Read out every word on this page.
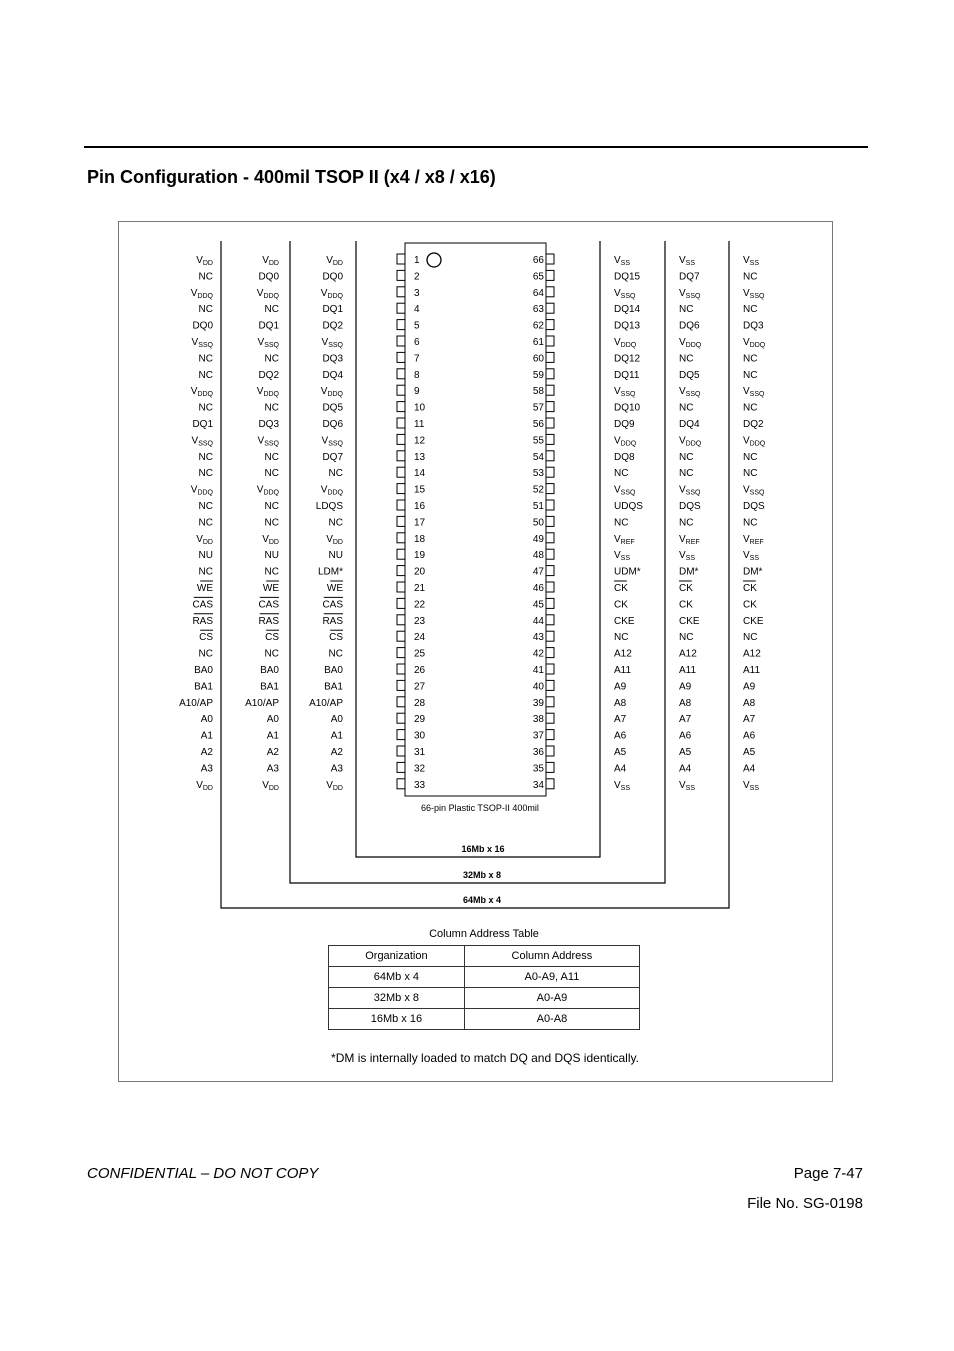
Pin Configuration - 400mil TSOP II (x4 / x8 / x16)
16Mb x 16
32Mb x 8
64Mb x 4
66-pin Plastic TSOP-II 400mil
1	66
$V_{DD}$	$V_{DD}$	$V_{DD}$	$V_{SS}$	$V_{SS}$	$V_{SS}$
2	65
NC	DQ0	DQ0	DQ15	DQ7	NC
3	64
$V_{DDQ}$	$V_{DDQ}$	$V_{DDQ}$	$V_{SSQ}$	$V_{SSQ}$	$V_{SSQ}$
4	63
NC	NC	DQ1	DQ14	NC	NC
5	62
DQ0	DQ1	DQ2	DQ13	DQ6	DQ3
6	61
$V_{SSQ}$	$V_{SSQ}$	$V_{SSQ}$	$V_{DDQ}$	$V_{DDQ}$	$V_{DDQ}$
7	60
NC	NC	DQ3	DQ12	NC	NC
8	59
NC	DQ2	DQ4	DQ11	DQ5	NC
9	58
$V_{DDQ}$	$V_{DDQ}$	$V_{DDQ}$	$V_{SSQ}$	$V_{SSQ}$	$V_{SSQ}$
10	57
NC	NC	DQ5	DQ10	NC	NC
11	56
DQ1	DQ3	DQ6	DQ9	DQ4	DQ2
12	55
$V_{SSQ}$	$V_{SSQ}$	$V_{SSQ}$	$V_{DDQ}$	$V_{DDQ}$	$V_{DDQ}$
13	54
NC	NC	DQ7	DQ8	NC	NC
14	53
NC	NC	NC	NC	NC	NC
15	52
$V_{DDQ}$	$V_{DDQ}$	$V_{DDQ}$	$V_{SSQ}$	$V_{SSQ}$	$V_{SSQ}$
16	51
NC	NC	LDQS	UDQS	DQS	DQS
17	50
NC	NC	NC	NC	NC	NC
18	49
$V_{DD}$	$V_{DD}$	$V_{DD}$	$V_{REF}$	$V_{REF}$	$V_{REF}$
19	48
NU	NU	NU	$V_{SS}$	$V_{SS}$	$V_{SS}$
20	47
NC	NC	LDM*	UDM*	DM*	DM*
21	46
WE	WE	WE	CK	CK	CK
22	45
CAS	CAS	CAS	CK	CK	CK
23	44
RAS	RAS	RAS	CKE	CKE	CKE
24	43
CS	CS	CS	NC	NC	NC
25	42
NC	NC	NC	A12	A12	A12
26	41
BA0	BA0	BA0	A11	A11	A11
27	40
BA1	BA1	BA1	A9	A9	A9
28	39
A10/AP	A10/AP	A10/AP	A8	A8	A8
29	38
A0	A0	A0	A7	A7	A7
30	37
A1	A1	A1	A6	A6	A6
31	36
A2	A2	A2	A5	A5	A5
32	35
A3	A3	A3	A4	A4	A4
33	34
$V_{DD}$	$V_{DD}$	$V_{DD}$	$V_{SS}$	$V_{SS}$	$V_{SS}$
Column Address Table
Organization	Column Address
64Mb x 4	A0-A9, A11
32Mb x 8	A0-A9
16Mb x 16	A0-A8
*DM is internally loaded to match DQ and DQS identically.
CONFIDENTIAL – DO NOT COPY	Page 7-47
File No. SG-0198
